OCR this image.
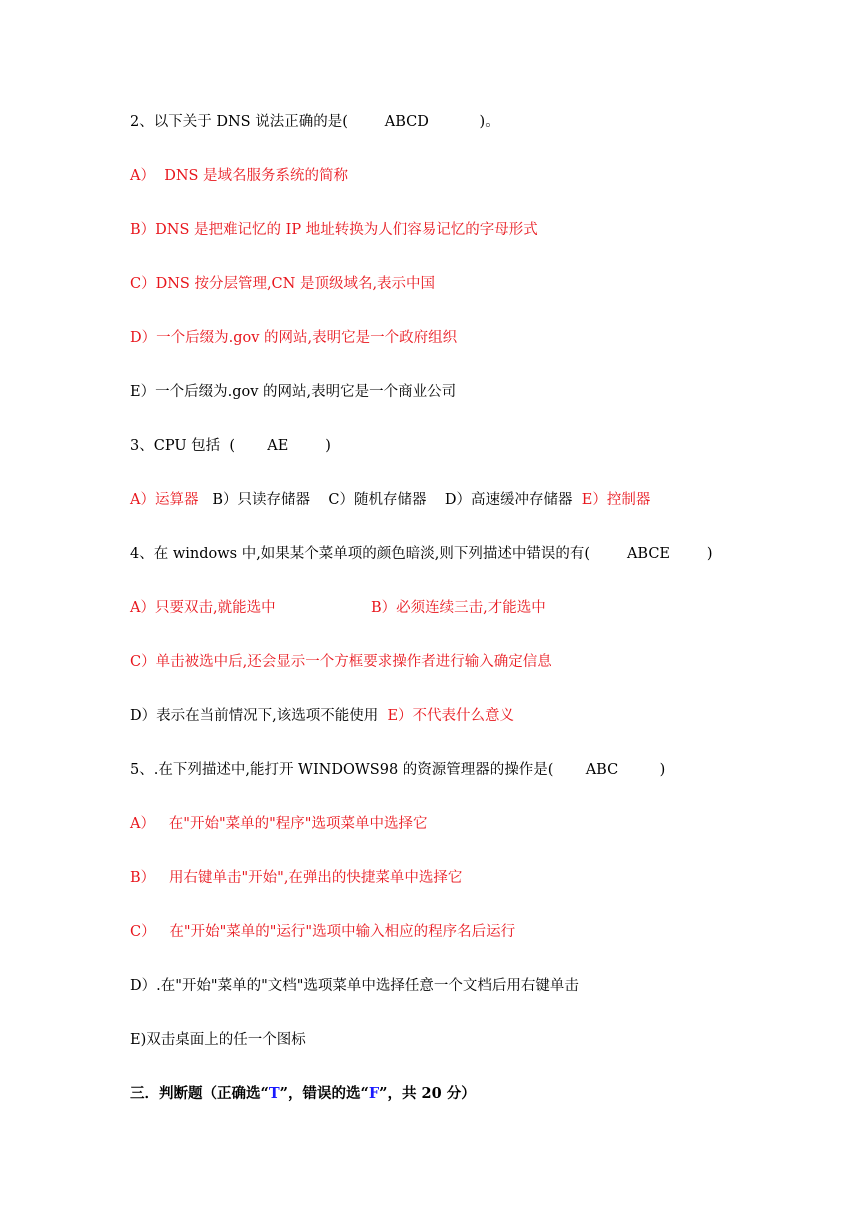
2、以下关于 DNS 说法正确的是(        ABCD           )。
A）  DNS 是域名服务系统的简称
B）DNS 是把难记忆的 IP 地址转换为人们容易记忆的字母形式
C）DNS 按分层管理,CN 是顶级域名,表示中国
D）一个后缀为.gov 的网站,表明它是一个政府组织
E）一个后缀为.gov 的网站,表明它是一个商业公司
3、CPU 包括  (       AE        )
A）运算器 B）只读存储器    C）随机存储器    D）高速缓冲存储器 E）控制器
4、在 windows 中,如果某个菜单项的颜色暗淡,则下列描述中错误的有(        ABCE        )
A）只要双击,就能选中	B）必须连续三击,才能选中
C）单击被选中后,还会显示一个方框要求操作者进行输入确定信息
D）表示在当前情况下,该选项不能使用 E）不代表什么意义
5、.在下列描述中,能打开 WINDOWS98 的资源管理器的操作是(       ABC         )
A）   在"开始"菜单的"程序"选项菜单中选择它
B）   用右键单击"开始",在弹出的快捷菜单中选择它
C）   在"开始"菜单的"运行"选项中输入相应的程序名后运行
D）.在"开始"菜单的"文档"选项菜单中选择任意一个文档后用右键单击
E)双击桌面上的任一个图标
三．判断题（正确选“T”，错误的选“F”，共 20 分）
